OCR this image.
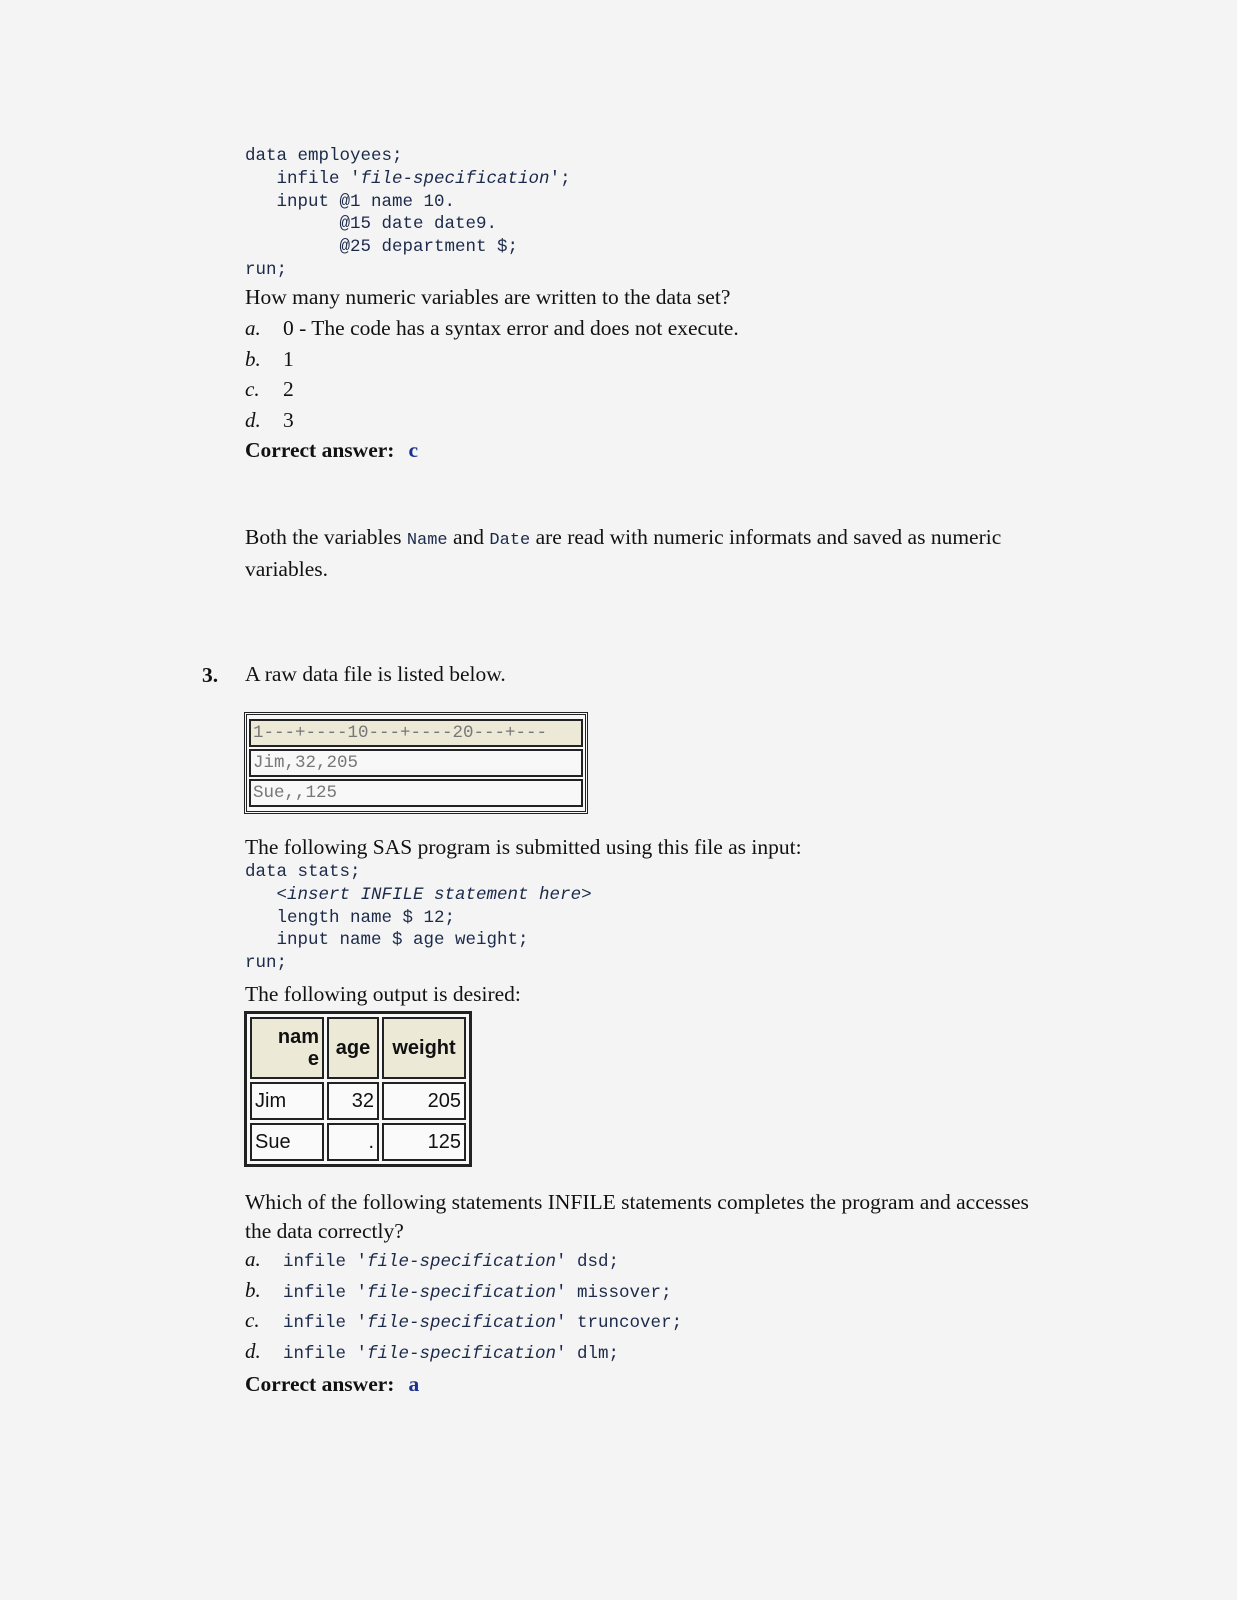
data employees;
infile 'file-specification';
input @1 name 10.
@15 date date9.
@25 department $;
run;
How many numeric variables are written to the data set?
a. 0 - The code has a syntax error and does not execute.
b. 1
c. 2
d. 3
Correct answer: c
Both the variables Name and Date are read with numeric informats and saved as numeric variables.
3. A raw data file is listed below.
1---+----10---+----20---+---
Jim,32,205
Sue,,125
The following SAS program is submitted using this file as input:
data stats;
<insert INFILE statement here>
length name $ 12;
input name $ age weight;
run;
The following output is desired:
nam
e	age	weight
Jim	32	205
Sue	.	125
Which of the following statements INFILE statements completes the program and accesses the data correctly?
a. infile 'file-specification' dsd;
b. infile 'file-specification' missover;
c. infile 'file-specification' truncover;
d. infile 'file-specification' dlm;
Correct answer: a
